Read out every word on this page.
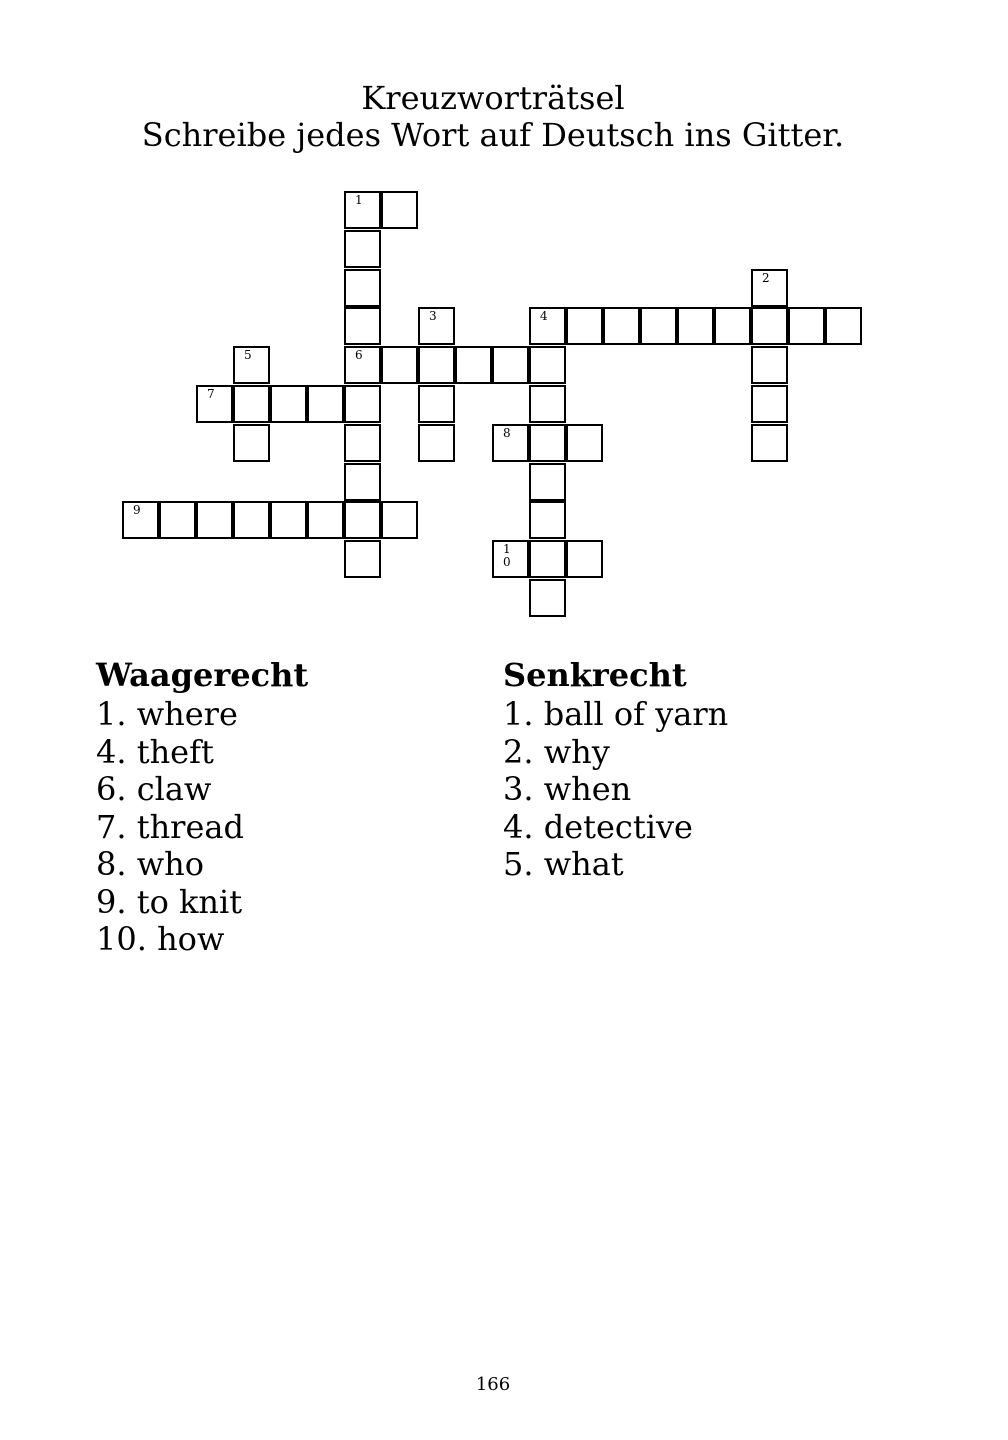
Kreuzworträtsel
Schreibe jedes Wort auf Deutsch ins Gitter.
1
2
3	4
5	6
7
8
9
10
Waagerecht
1. where
4. theft
6. claw
7. thread
8. who
9. to knit
10. how
Senkrecht
1. ball of yarn
2. why
3. when
4. detective
5. what
166
